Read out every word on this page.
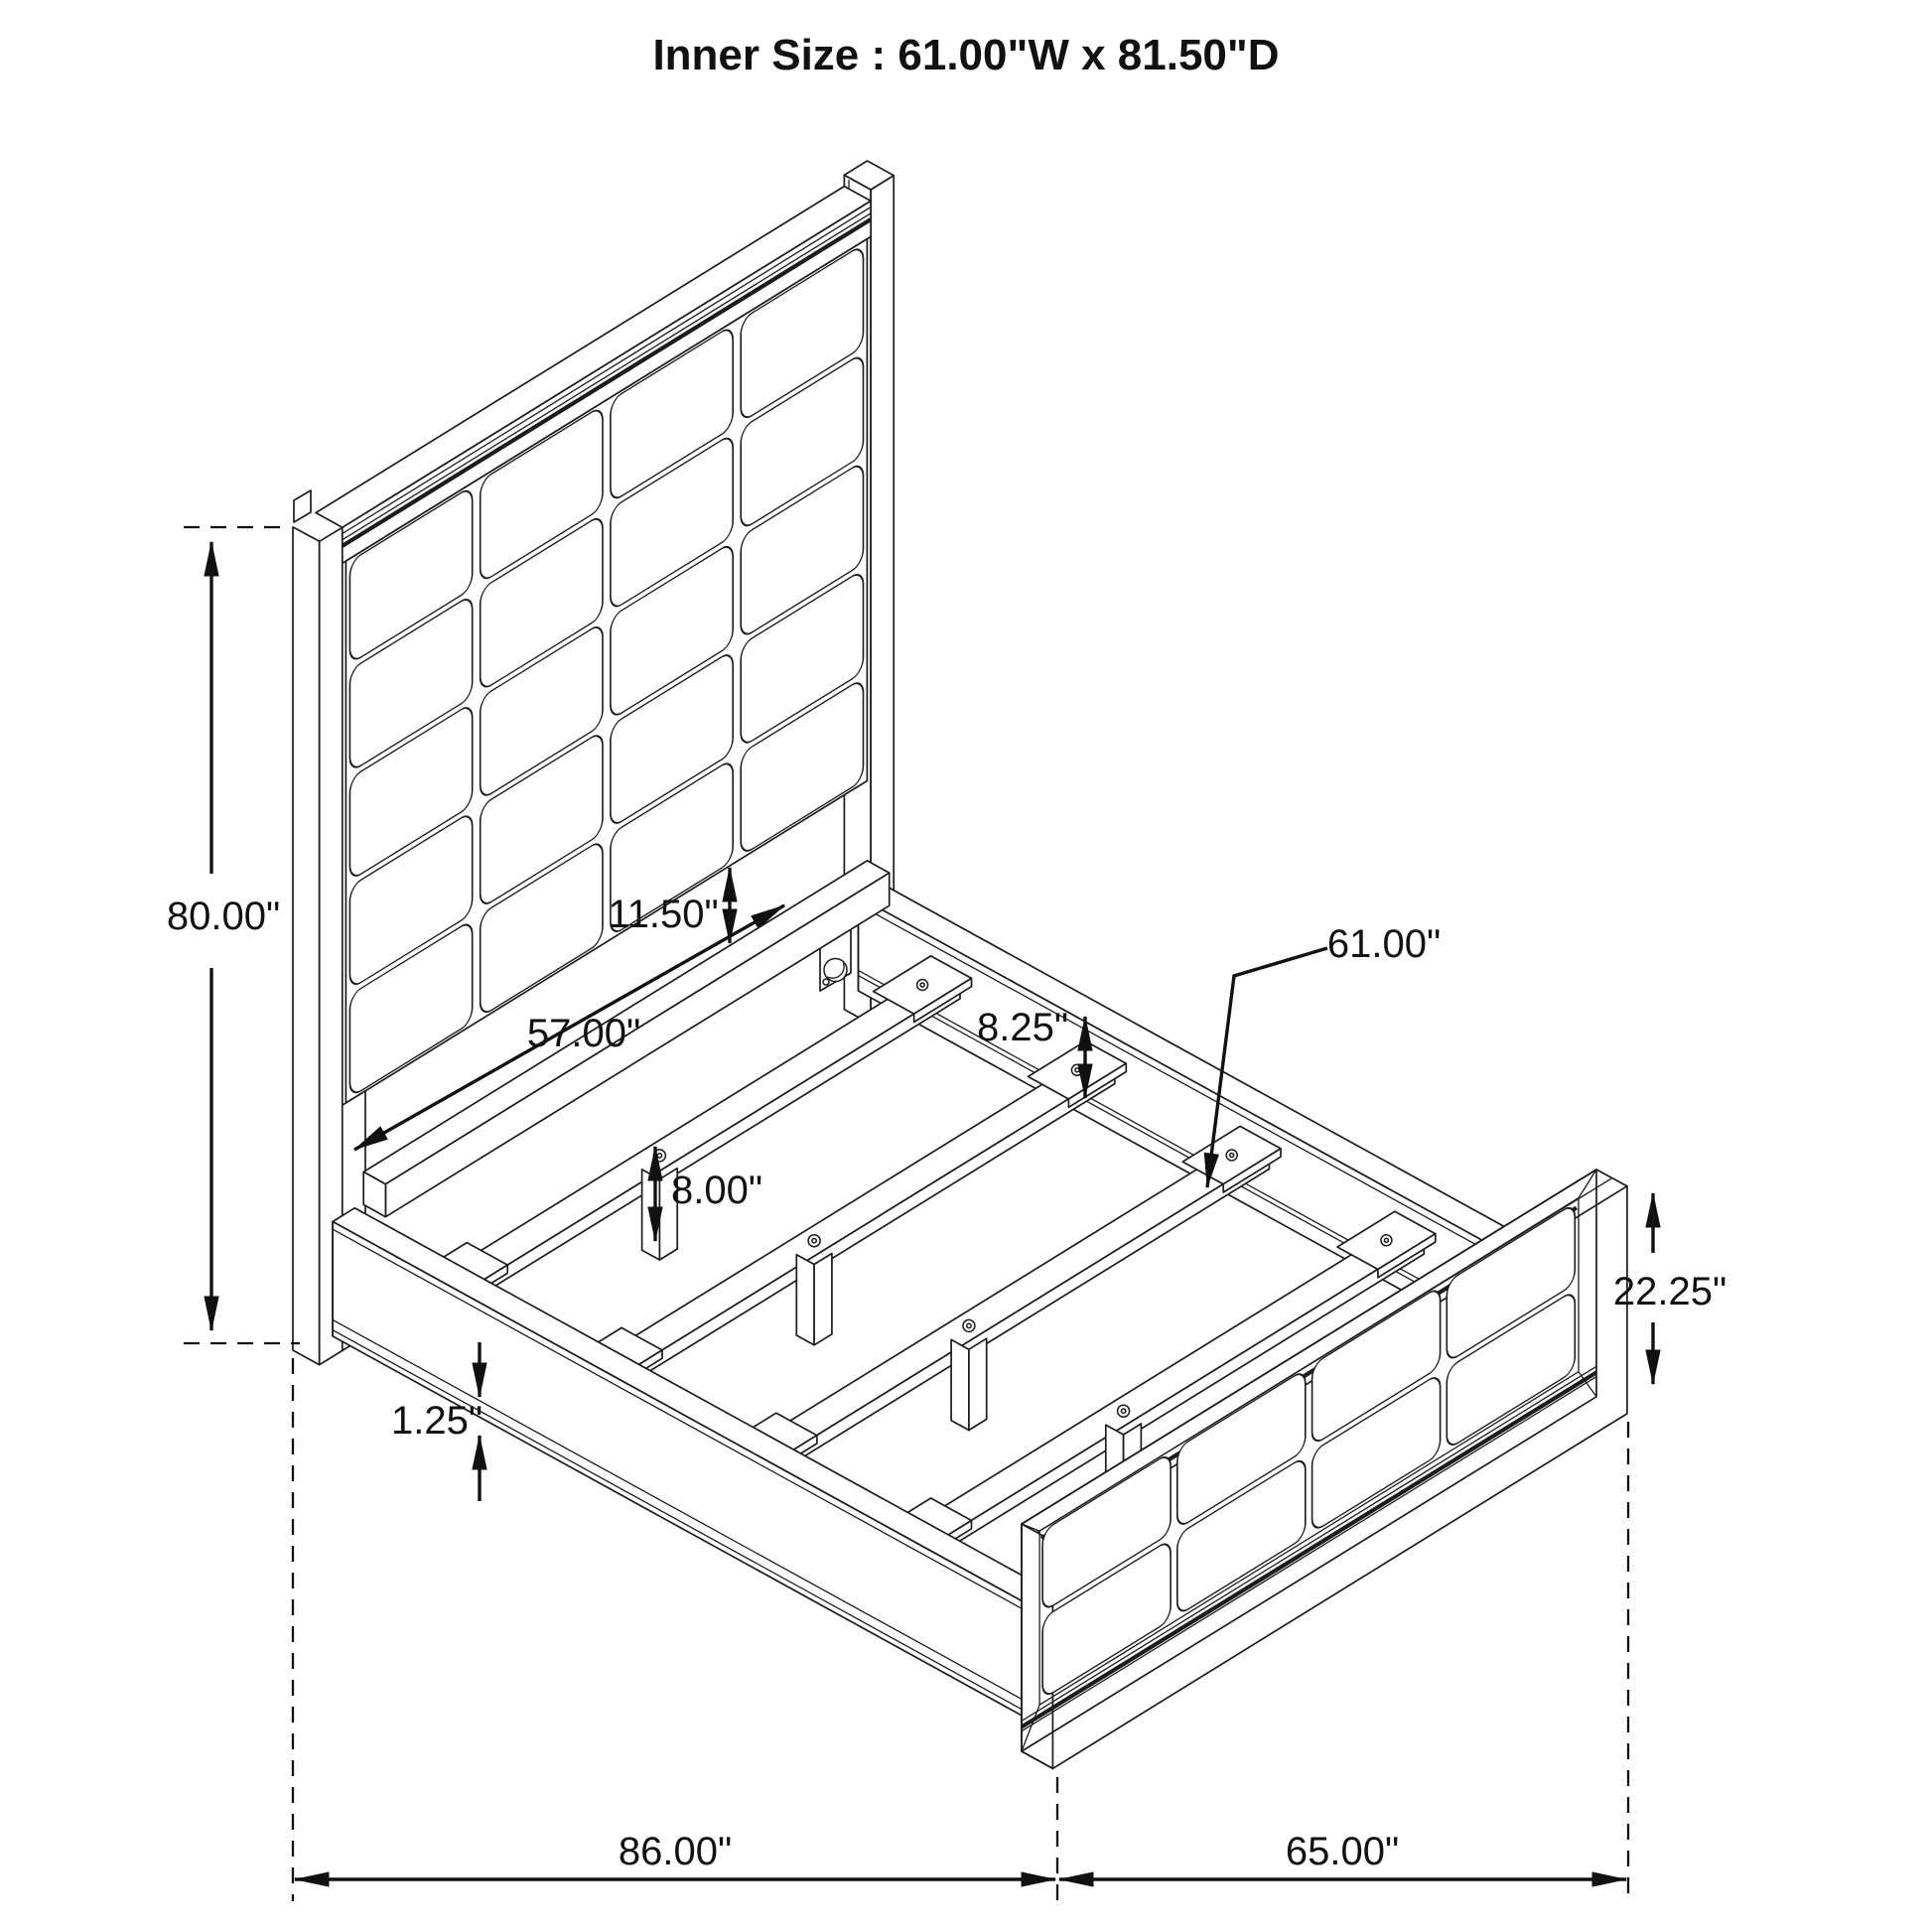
80.00"	11.50"
57.00"	8.25"
61.00"
8.00"
1.25"
22.25"
86.00"	65.00"
Inner Size : 61.00"W x 81.50"D
